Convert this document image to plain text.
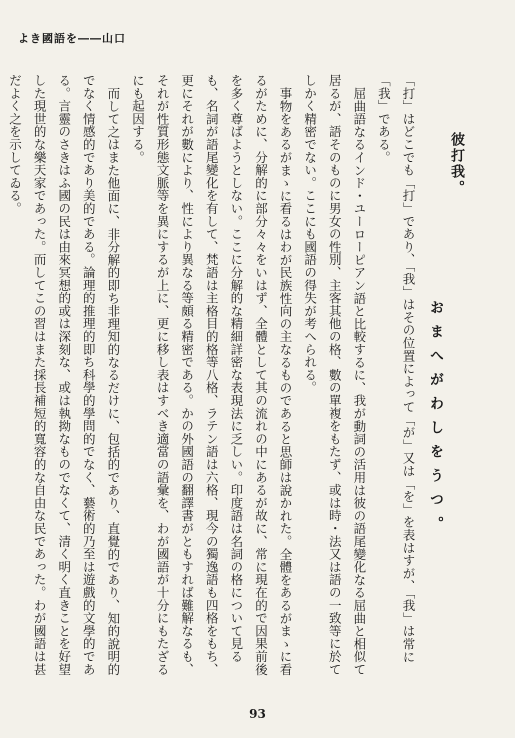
よき國語を――山口
彼打我。
おまへがわしをうつ。

「打」はどこでも「打」であり、「我」はその位置によって「が」又は「を」を表はすが、「我」は常に「我」である。

屈曲語なるインド・ユーローピアン語と比較するに、我が動詞の活用は彼の語尾變化なる屈曲と相似て居るが、語そのものに男女の性別、主客其他の格、數の單複をもたず、或は時・法又は語の一致等に於てしかく精密でない。ここにも國語の得失が考へられる。

事物をあるがまゝに看るはわが民族性向の主なるものであると思師は說かれた。全體をあるがまゝに看るがために、分解的に部分々々をいはず、全體として其の流れの中にあるが故に、常に現在的で因果前後を多く尊ばようとしない。ここに分解的な精細詳密な表現法に乏しい。印度語は名詞の格について見るも、名詞が語尾變化を有して、梵語は主格目的格等八格、ラテン語は六格、現今の獨逸語も四格をもち、更にそれが數により、性により異なる等頗る精密である。かの外國語の翻譯書がともすれば難解なるも、それが性質形態文脈等を異にするが上に、更に移し表はすべき適當の語彙を、わが國語が十分にもたざるにも起因する。

而して之はまた他面に、非分解的即ち非理知的なるだけに、包括的であり、直覺的であり、知的說明的でなく情感的であり美的である。論理的推理的即ち科學的學問的でなく、藝術的乃至は遊戲的文學的である。言靈のさきはふ國の民は由來冥想的或は深刻な、或は執拗なものでなくて、清く明く直きことを好望した現世的な樂天家であった。而してこの習はまた採長補短的寬容的な自由な民であった。わが國語は甚だよく之を示してゐる。

93
